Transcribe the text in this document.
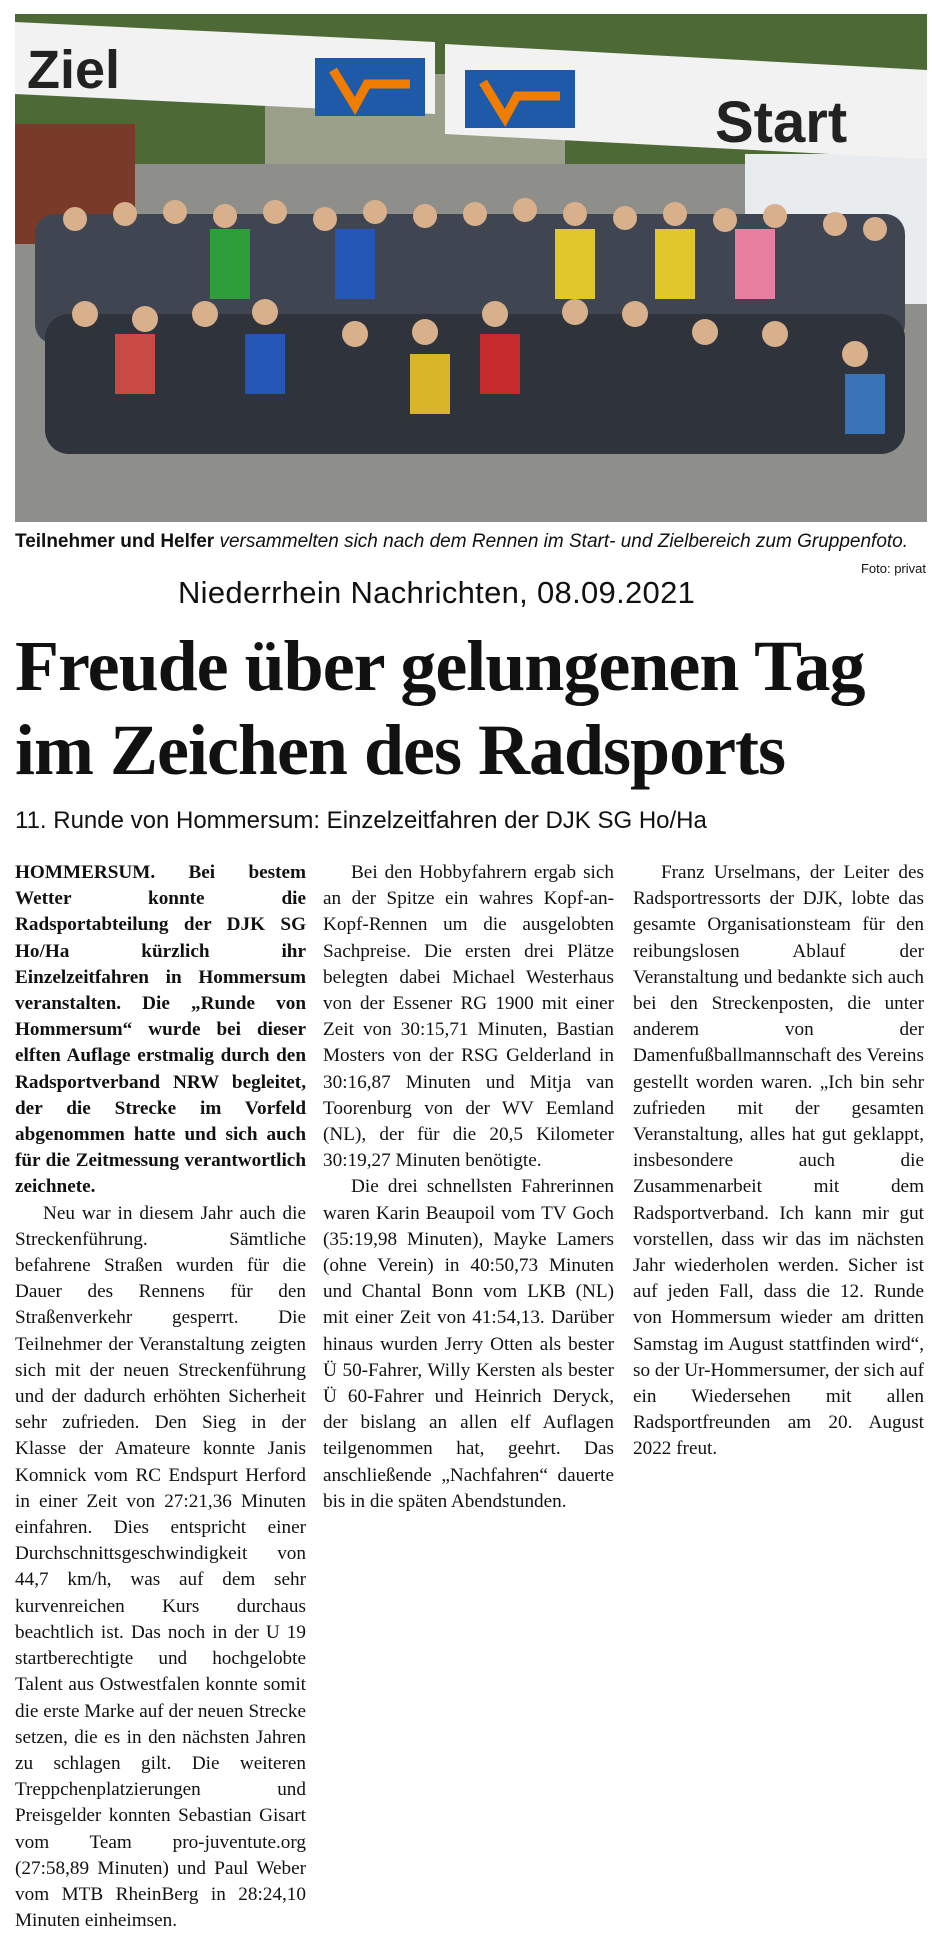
Ziel
Start
Teilnehmer und Helfer versammelten sich nach dem Rennen im Start- und Zielbereich zum Gruppenfoto.
Foto: privat
Niederrhein Nachrichten, 08.09.2021
Freude über gelungenen Tag
im Zeichen des Radsports
11. Runde von Hommersum: Einzelzeitfahren der DJK SG Ho/Ha

HOMMERSUM. Bei bestem Wetter konnte die Radsportabteilung der DJK SG Ho/Ha kürzlich ihr Einzelzeitfahren in Hommersum veranstalten. Die „Runde von Hommersum“ wurde bei dieser elften Auflage erstmalig durch den Radsportverband NRW begleitet, der die Strecke im Vorfeld abgenommen hatte und sich auch für die Zeitmessung verantwortlich zeichnete.

Neu war in diesem Jahr auch die Streckenführung. Sämtliche befahrene Straßen wurden für die Dauer des Rennens für den Straßenverkehr gesperrt. Die Teilnehmer der Veranstaltung zeigten sich mit der neuen Streckenführung und der dadurch erhöhten Sicherheit sehr zufrieden. Den Sieg in der Klasse der Amateure konnte Janis Komnick vom RC Endspurt Herford in einer Zeit von 27:21,36 Minuten einfahren. Dies entspricht einer Durchschnittsgeschwindigkeit von 44,7 km/h, was auf dem sehr kurvenreichen Kurs durchaus beachtlich ist. Das noch in der U 19 startberechtigte und hochgelobte Talent aus Ostwestfalen konnte somit die erste Marke auf der neuen Strecke setzen, die es in den nächsten Jahren zu schlagen gilt. Die weiteren Treppchenplatzierungen und Preisgelder konnten Sebastian Gisart vom Team pro-juventute.org (27:58,89 Minuten) und Paul Weber vom MTB RheinBerg in 28:24,10 Minuten einheimsen.

Bei den Hobbyfahrern ergab sich an der Spitze ein wahres Kopf-an-Kopf-Rennen um die ausgelobten Sachpreise. Die ersten drei Plätze belegten dabei Michael Westerhaus von der Essener RG 1900 mit einer Zeit von 30:15,71 Minuten, Bastian Mosters von der RSG Gelderland in 30:16,87 Minuten und Mitja van Toorenburg von der WV Eemland (NL), der für die 20,5 Kilometer 30:19,27 Minuten benötigte.

Die drei schnellsten Fahrerinnen waren Karin Beaupoil vom TV Goch (35:19,98 Minuten), Mayke Lamers (ohne Verein) in 40:50,73 Minuten und Chantal Bonn vom LKB (NL) mit einer Zeit von 41:54,13. Darüber hinaus wurden Jerry Otten als bester Ü 50-Fahrer, Willy Kersten als bester Ü 60-Fahrer und Heinrich Deryck, der bislang an allen elf Auflagen teilgenommen hat, geehrt. Das anschließende „Nachfahren“ dauerte bis in die späten Abendstunden.

Franz Urselmans, der Leiter des Radsportressorts der DJK, lobte das gesamte Organisationsteam für den reibungslosen Ablauf der Veranstaltung und bedankte sich auch bei den Streckenposten, die unter anderem von der Damenfußballmannschaft des Vereins gestellt worden waren. „Ich bin sehr zufrieden mit der gesamten Veranstaltung, alles hat gut geklappt, insbesondere auch die Zusammenarbeit mit dem Radsportverband. Ich kann mir gut vorstellen, dass wir das im nächsten Jahr wiederholen werden. Sicher ist auf jeden Fall, dass die 12. Runde von Hommersum wieder am dritten Samstag im August stattfinden wird“, so der Ur-Hommersumer, der sich auf ein Wiedersehen mit allen Radsportfreunden am 20. August 2022 freut.
